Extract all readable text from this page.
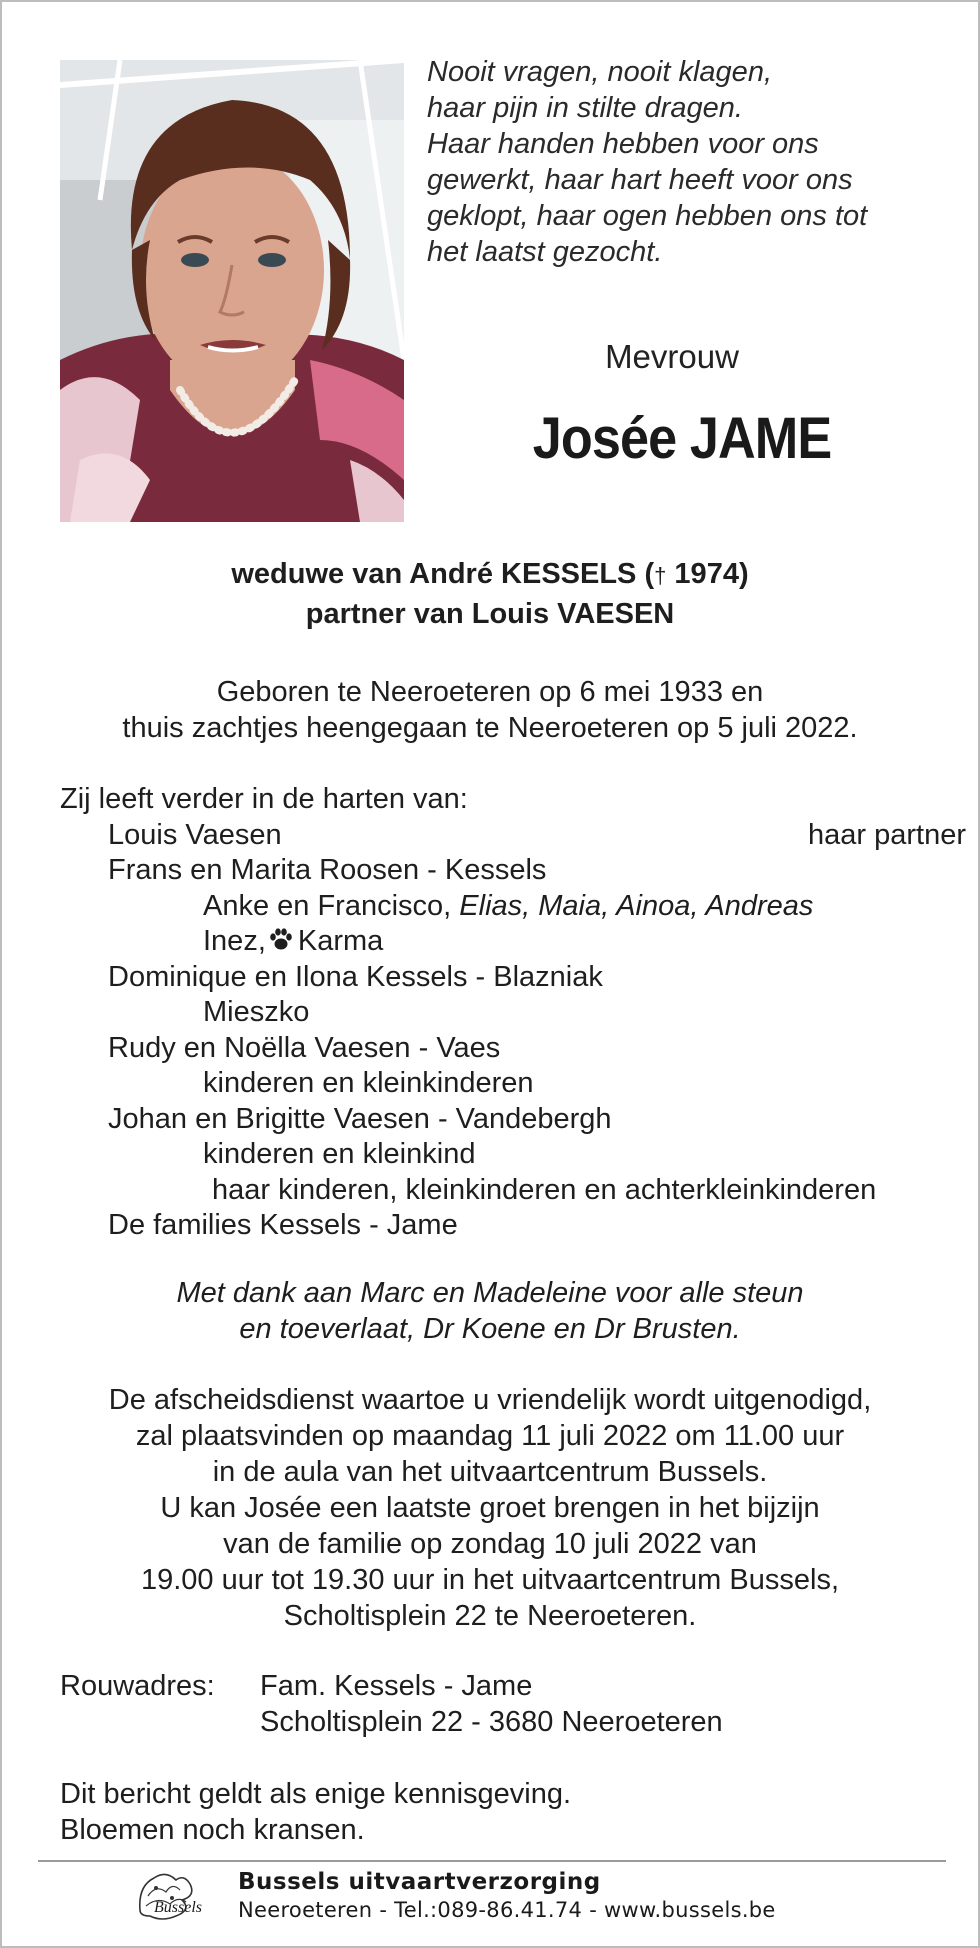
Nooit vragen, nooit klagen,
haar pijn in stilte dragen.
Haar handen hebben voor ons
gewerkt, haar hart heeft voor ons
geklopt, haar ogen hebben ons tot
het laatst gezocht.
Mevrouw
Josée JAME
weduwe van André KESSELS († 1974)
partner van Louis VAESEN
Geboren te Neeroeteren op 6 mei 1933 en
thuis zachtjes heengegaan te Neeroeteren op 5 juli 2022.
Zij leeft verder in de harten van:
Louis Vaesen	haar partner
Frans en Marita Roosen - Kessels
Anke en Francisco, Elias, Maia, Ainoa, Andreas
Inez, Karma
Dominique en Ilona Kessels - Blazniak
Mieszko
Rudy en Noëlla Vaesen - Vaes
kinderen en kleinkinderen
Johan en Brigitte Vaesen - Vandebergh
kinderen en kleinkind
haar kinderen, kleinkinderen en achterkleinkinderen
De families Kessels - Jame
Met dank aan Marc en Madeleine voor alle steun
en toeverlaat, Dr Koene en Dr Brusten.
De afscheidsdienst waartoe u vriendelijk wordt uitgenodigd,
zal plaatsvinden op maandag 11 juli 2022 om 11.00 uur
in de aula van het uitvaartcentrum Bussels.
U kan Josée een laatste groet brengen in het bijzijn
van de familie op zondag 10 juli 2022 van
19.00 uur tot 19.30 uur in het uitvaartcentrum Bussels,
Scholtisplein 22 te Neeroeteren.
Rouwadres: Fam. Kessels - Jame
Scholtisplein 22 - 3680 Neeroeteren
Dit bericht geldt als enige kennisgeving.
Bloemen noch kransen.
Bussels
Bussels uitvaartverzorging
Neeroeteren - Tel.:089-86.41.74 - www.bussels.be
